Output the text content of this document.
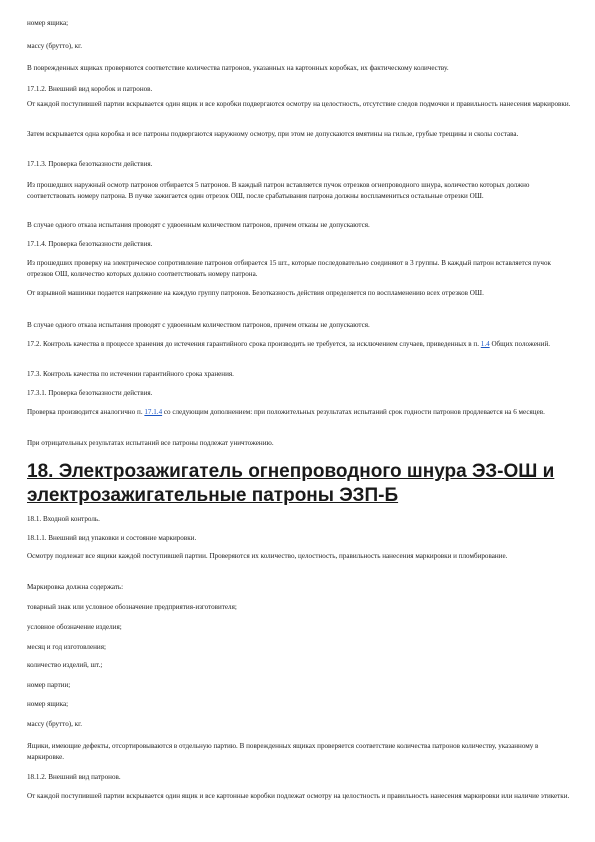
номер ящика;

массу (брутто), кг.

В поврежденных ящиках проверяются соответствие количества патронов, указанных на картонных коробках, их фактическому количеству.

17.1.2. Внешний вид коробок и патронов.

От каждой поступившей партии вскрывается один ящик и все коробки подвергаются осмотру на целостность, отсутствие следов подмочки и правильность нанесения маркировки.

Затем вскрывается одна коробка и все патроны подвергаются наружному осмотру, при этом не допускаются вмятины на гильзе, грубые трещины и сколы состава.

17.1.3. Проверка безотказности действия.

Из прошедших наружный осмотр патронов отбирается 5 патронов. В каждый патрон вставляется пучок отрезков огнепроводного шнура, количество которых должно соответствовать номеру патрона. В пучке зажигается один отрезок ОШ, после срабатывания патрона должны воспламениться остальные отрезки ОШ.

В случае одного отказа испытания проводят с удвоенным количеством патронов, причем отказы не допускаются.

17.1.4. Проверка безотказности действия.

Из прошедших проверку на электрическое сопротивление патронов отбирается 15 шт., которые последовательно соединяют в 3 группы. В каждый патрон вставляется пучок отрезков ОШ, количество которых должно соответствовать номеру патрона.

От взрывной машинки подается напряжение на каждую группу патронов. Безотказность действия определяется по воспламенению всех отрезков ОШ.

В случае одного отказа испытания проводят с удвоенным количеством патронов, причем отказы не допускаются.

17.2. Контроль качества в процессе хранения до истечения гарантийного срока производить не требуется, за исключением случаев, приведенных в п. 1.4 Общих положений.

17.3. Контроль качества по истечении гарантийного срока хранения.

17.3.1. Проверка безотказности действия.

Проверка производится аналогично п. 17.1.4 со следующим дополнением: при положительных результатах испытаний срок годности патронов продлевается на 6 месяцев.

При отрицательных результатах испытаний все патроны подлежат уничтожению.

18. Электрозажигатель огнепроводного шнура ЭЗ-ОШ и
электрозажигательные патроны ЭЗП-Б

18.1. Входной контроль.

18.1.1. Внешний вид упаковки и состояние маркировки.

Осмотру подлежат все ящики каждой поступившей партии. Проверяются их количество, целостность, правильность нанесения маркировки и пломбирование.

Маркировка должна содержать:

товарный знак или условное обозначение предприятия-изготовителя;

условное обозначение изделия;

месяц и год изготовления;

количество изделий, шт.;

номер партии;

номер ящика;

массу (брутто), кг.

Ящики, имеющие дефекты, отсортировываются в отдельную партию. В поврежденных ящиках проверяется соответствие количества патронов количеству, указанному в маркировке.

18.1.2. Внешний вид патронов.

От каждой поступившей партии вскрывается один ящик и все картонные коробки подлежат осмотру на целостность и правильность нанесения маркировки или наличие этикетки.
